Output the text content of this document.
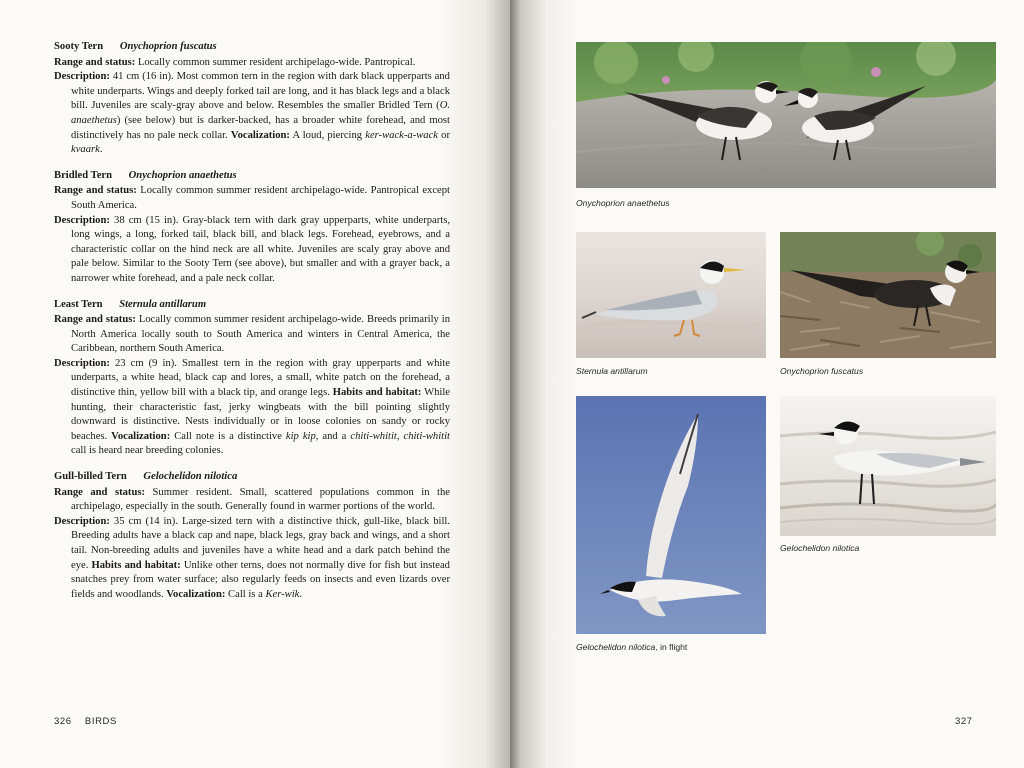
Sooty Tern Onychoprion fuscatus
Range and status: Locally common summer resident archipelago-wide. Pantropical.
Description: 41 cm (16 in). Most common tern in the region with dark black upperparts and white underparts. Wings and deeply forked tail are long, and it has black legs and a black bill. Juveniles are scaly-gray above and below. Resembles the smaller Bridled Tern (O. anaethetus) (see below) but is darker-backed, has a broader white forehead, and most distinctively has no pale neck collar. Vocalization: A loud, piercing ker-wack-a-wack or kvaark.
Bridled Tern Onychoprion anaethetus
Range and status: Locally common summer resident archipelago-wide. Pantropical except South America.
Description: 38 cm (15 in). Gray-black tern with dark gray upperparts, white underparts, long wings, a long, forked tail, black bill, and black legs. Forehead, eyebrows, and a characteristic collar on the hind neck are all white. Juveniles are scaly gray above and pale below. Similar to the Sooty Tern (see above), but smaller and with a grayer back, a narrower white forehead, and a pale neck collar.
Least Tern Sternula antillarum
Range and status: Locally common summer resident archipelago-wide. Breeds primarily in North America locally south to South America and winters in Central America, the Caribbean, northern South America.
Description: 23 cm (9 in). Smallest tern in the region with gray upperparts and white underparts, a white head, black cap and lores, a small, white patch on the forehead, a distinctive thin, yellow bill with a black tip, and orange legs. Habits and habitat: While hunting, their characteristic fast, jerky wingbeats with the bill pointing slightly downward is distinctive. Nests individually or in loose colonies on sandy or rocky beaches. Vocalization: Call note is a distinctive kip kip, and a chiti-whitit, chiti-whitit call is heard near breeding colonies.
Gull-billed Tern Gelochelidon nilotica
Range and status: Summer resident. Small, scattered populations common in the archipelago, especially in the south. Generally found in warmer portions of the world.
Description: 35 cm (14 in). Large-sized tern with a distinctive thick, gull-like, black bill. Breeding adults have a black cap and nape, black legs, gray back and wings, and a short tail. Non-breeding adults and juveniles have a white head and a dark patch behind the eye. Habits and habitat: Unlike other terns, does not normally dive for fish but instead snatches prey from water surface; also regularly feeds on insects and even lizards over fields and woodlands. Vocalization: Call is a Ker-wik.
326 BIRDS
Onychoprion anaethetus
Sternula antillarum	Onychoprion fuscatus
Gelochelidon nilotica, in flight
Gelochelidon nilotica
327
